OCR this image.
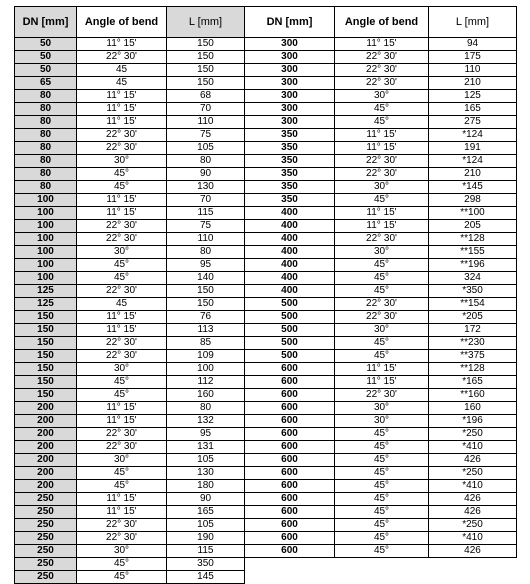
DN [mm]	Angle of bend	L [mm]
50	11° 15'	150
50	22° 30'	150
50	45	150
65	45	150
80	11° 15'	68
80	11° 15'	70
80	11° 15'	110
80	22° 30'	75
80	22° 30'	105
80	30°	80
80	45°	90
80	45°	130
100	11° 15'	70
100	11° 15'	115
100	22° 30'	75
100	22° 30'	110
100	30°	80
100	45°	95
100	45°	140
125	22° 30'	150
125	45	150
150	11° 15'	76
150	11° 15'	113
150	22° 30'	85
150	22° 30'	109
150	30°	100
150	45°	112
150	45°	160
200	11° 15'	80
200	11° 15'	132
200	22° 30'	95
200	22° 30'	131
200	30°	105
200	45°	130
200	45°	180
250	11° 15'	90
250	11° 15'	165
250	22° 30'	105
250	22° 30'	190
250	30°	115
250	45°	350
250	45°	145
DN [mm]	Angle of bend	L [mm]
300	11° 15'	94
300	22° 30'	175
300	22° 30'	110
300	22° 30'	210
300	30°	125
300	45°	165
300	45°	275
350	11° 15'	*124
350	11° 15'	191
350	22° 30'	*124
350	22° 30'	210
350	30°	*145
350	45°	298
400	11° 15'	**100
400	11° 15'	205
400	22° 30'	**128
400	30°	**155
400	45°	**196
400	45°	324
400	45°	*350
500	22° 30'	**154
500	22° 30'	*205
500	30°	172
500	45°	**230
500	45°	**375
600	11° 15'	**128
600	11° 15'	*165
600	22° 30'	**160
600	30°	160
600	30°	*196
600	45°	*250
600	45°	*410
600	45°	426
600	45°	*250
600	45°	*410
600	45°	426
600	45°	426
600	45°	*250
600	45°	*410
600	45°	426
